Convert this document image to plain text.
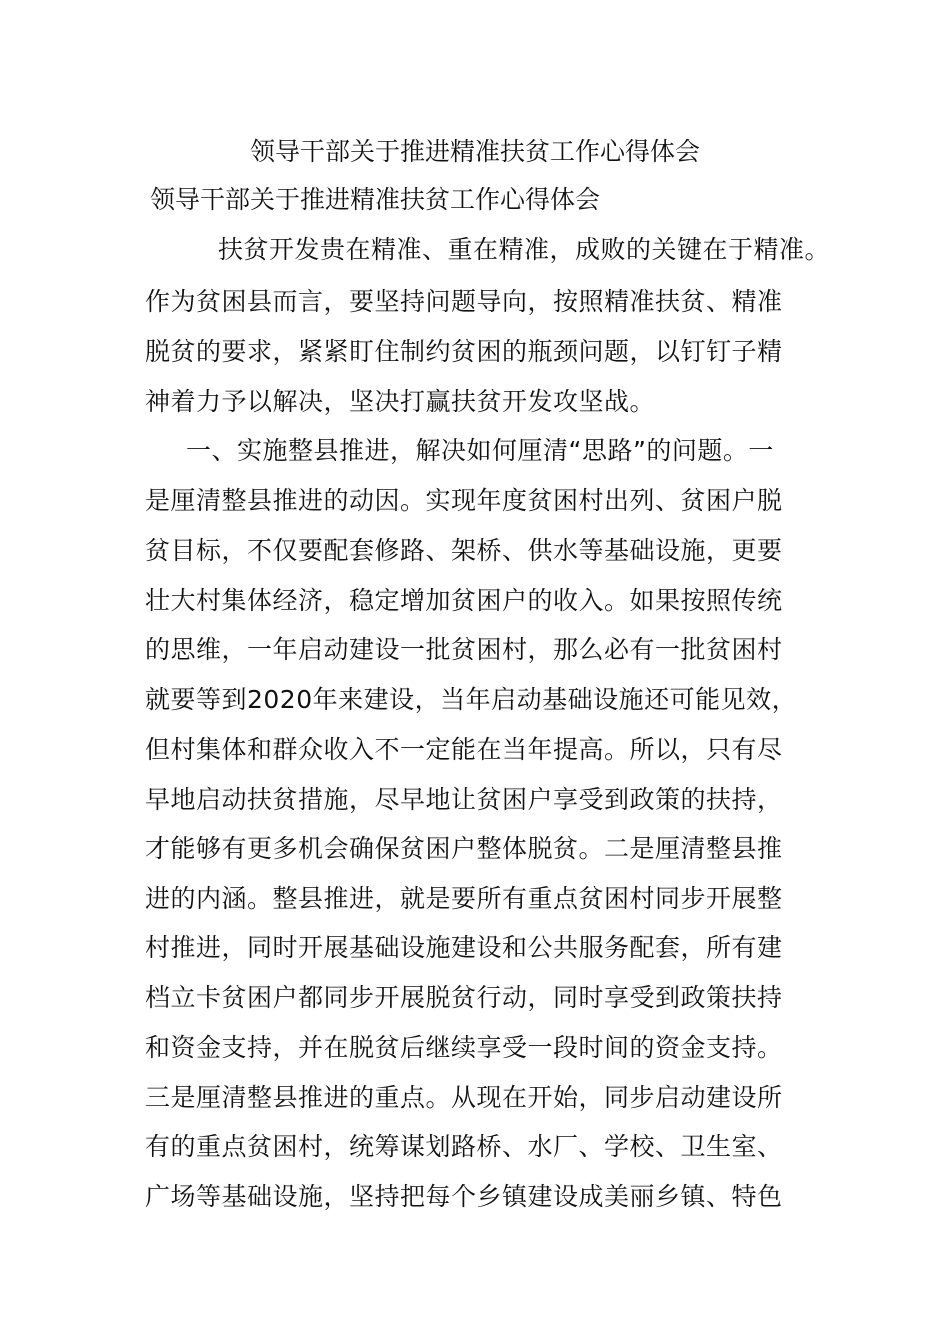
领导干部关于推进精准扶贫工作心得体会
领导干部关于推进精准扶贫工作心得体会

扶贫开发贵在精准、重在精准，成败的关键在于精准。

作为贫困县而言，要坚持问题导向，按照精准扶贫、精准

脱贫的要求，紧紧盯住制约贫困的瓶颈问题，以钉钉子精

神着力予以解决，坚决打赢扶贫开发攻坚战。

一、实施整县推进，解决如何厘清“思路”的问题。一

是厘清整县推进的动因。实现年度贫困村出列、贫困户脱

贫目标，不仅要配套修路、架桥、供水等基础设施，更要

壮大村集体经济，稳定增加贫困户的收入。如果按照传统

的思维，一年启动建设一批贫困村，那么必有一批贫困村

就要等到2020年来建设，当年启动基础设施还可能见效，

但村集体和群众收入不一定能在当年提高。所以，只有尽

早地启动扶贫措施，尽早地让贫困户享受到政策的扶持，

才能够有更多机会确保贫困户整体脱贫。二是厘清整县推

进的内涵。整县推进，就是要所有重点贫困村同步开展整

村推进，同时开展基础设施建设和公共服务配套，所有建

档立卡贫困户都同步开展脱贫行动，同时享受到政策扶持

和资金支持，并在脱贫后继续享受一段时间的资金支持。

三是厘清整县推进的重点。从现在开始，同步启动建设所

有的重点贫困村，统筹谋划路桥、水厂、学校、卫生室、

广场等基础设施，坚持把每个乡镇建设成美丽乡镇、特色
